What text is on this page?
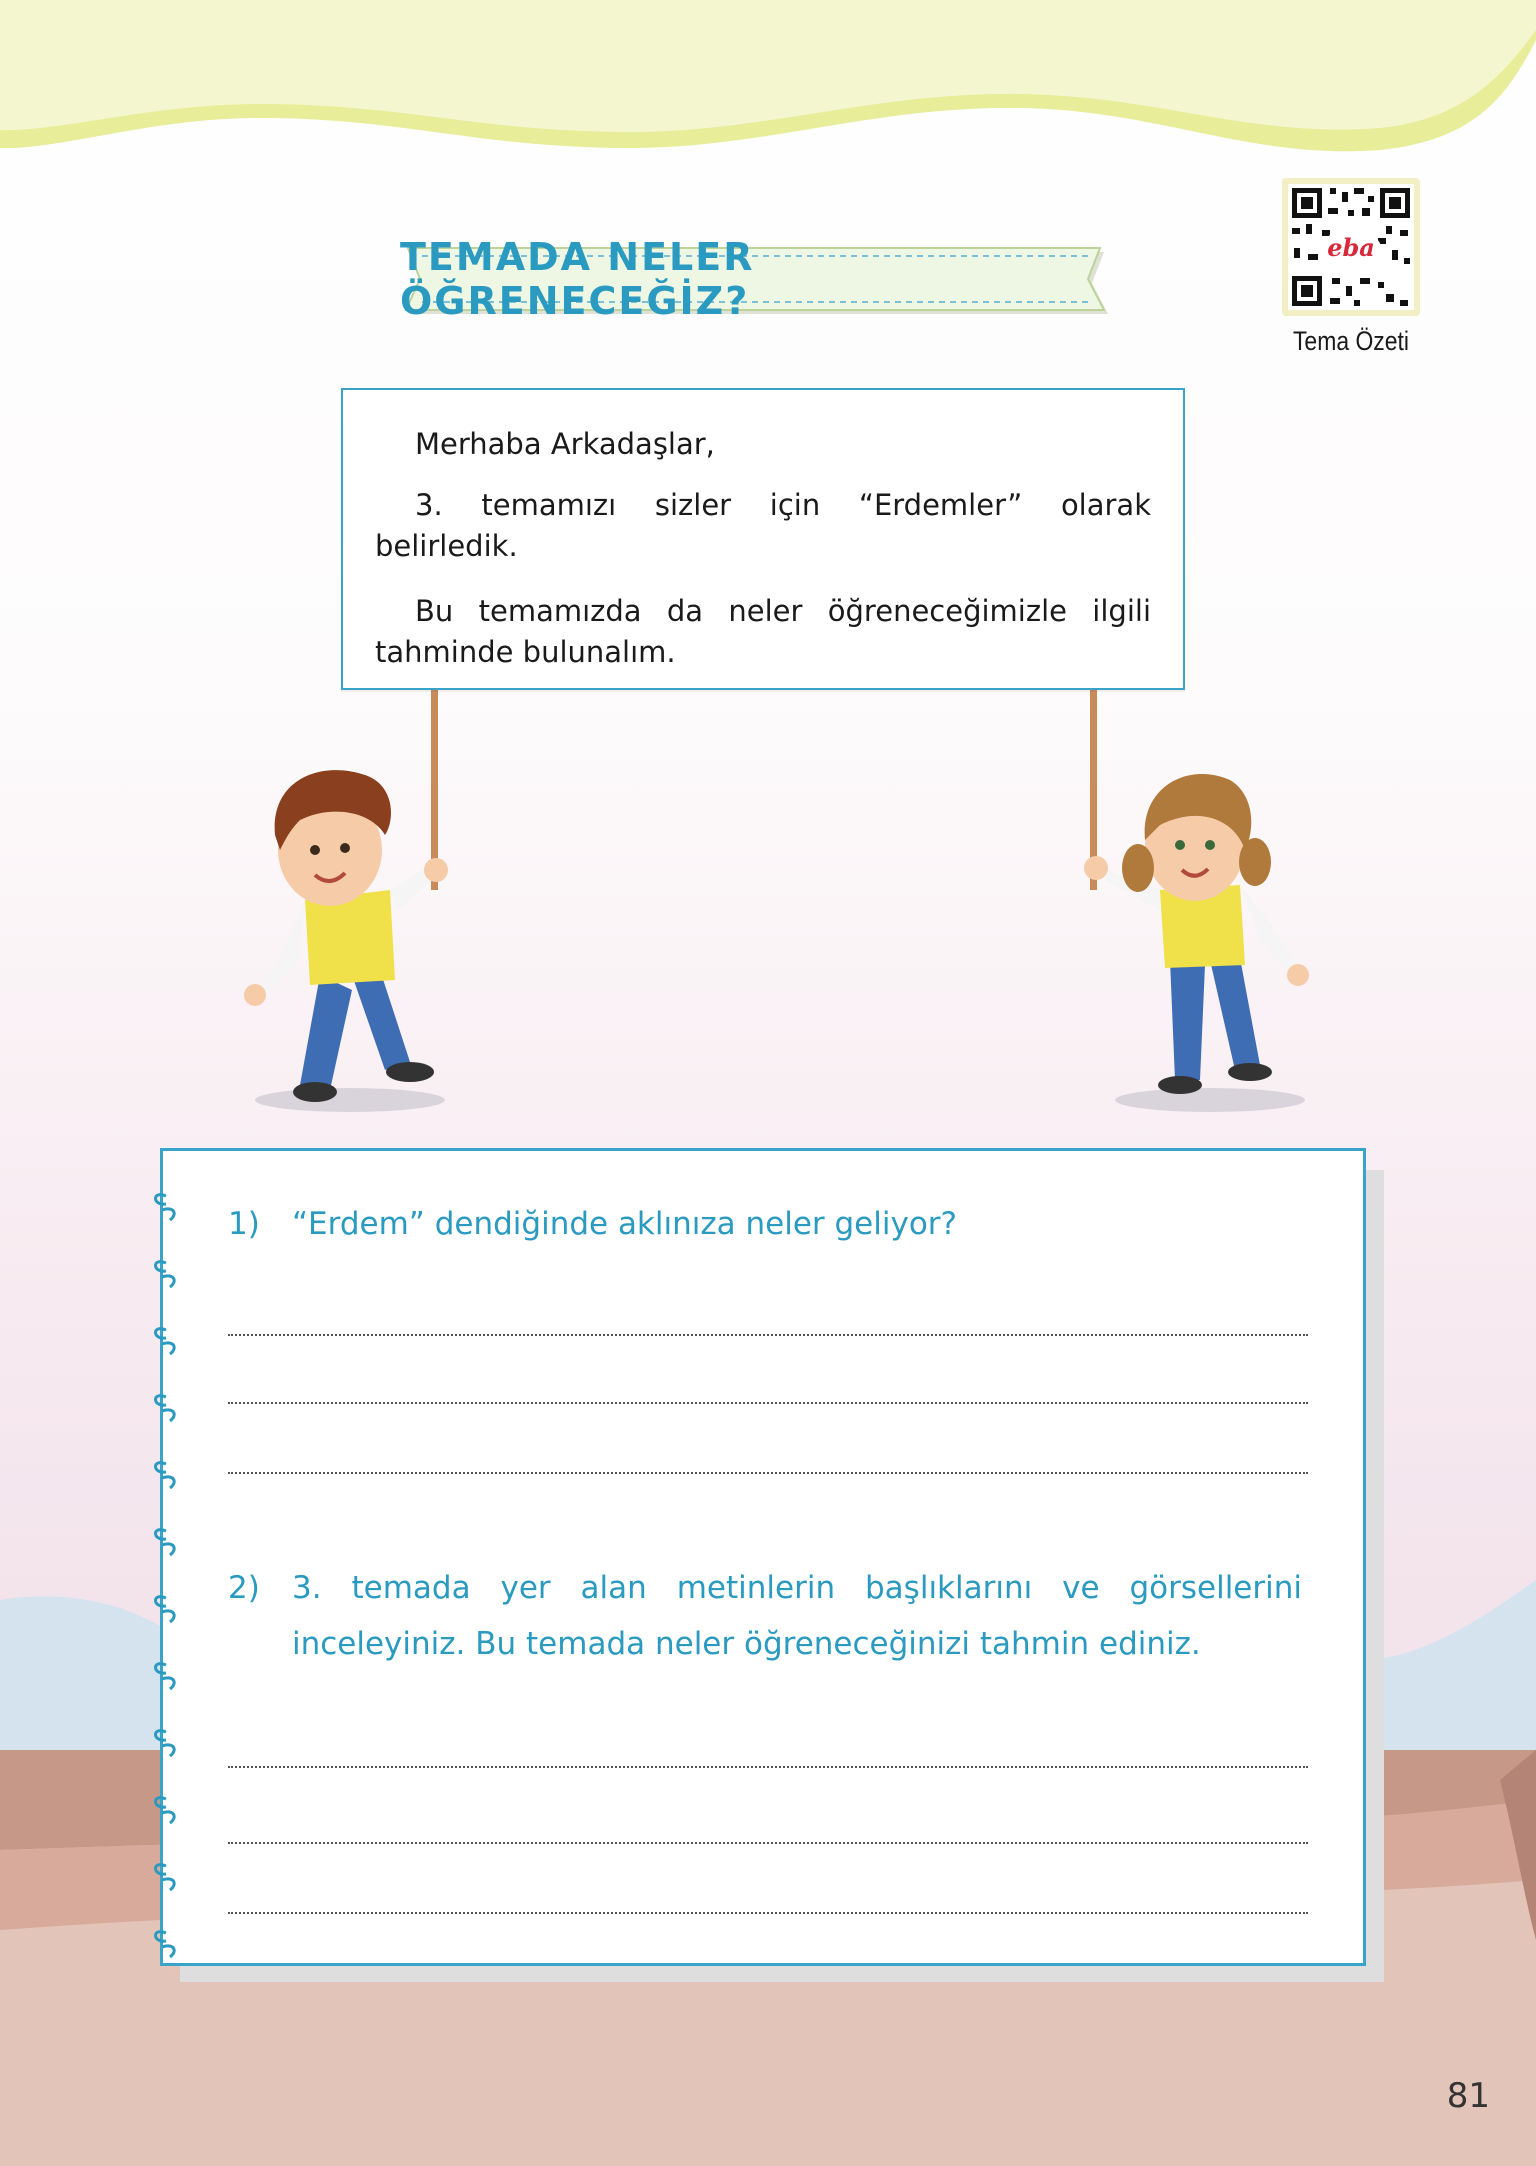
TEMADA NELER ÖĞRENECEĞİZ?
eba
Tema Özeti

Merhaba Arkadaşlar,

3. temamızı sizler için “Erdemler” olarak belirledik.

Bu temamızda da neler öğreneceğimizle ilgili tahminde bulunalım.

1) “Erdem” dendiğinde aklınıza neler geliyor?
2) 3. temada yer alan metinlerin başlıklarını ve görsellerini inceleyiniz. Bu temada neler öğreneceğinizi tahmin ediniz.
81
